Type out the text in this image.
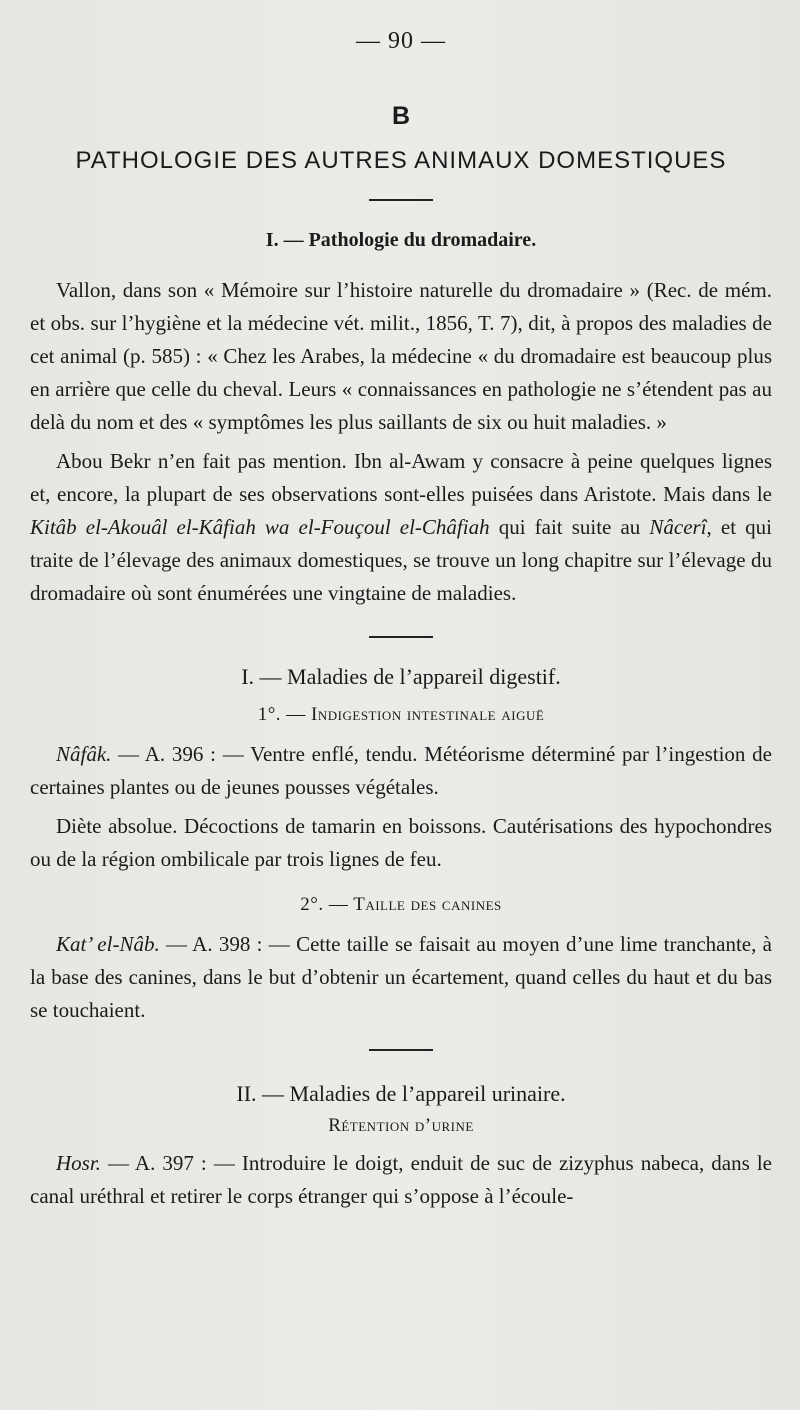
— 90 —
B
PATHOLOGIE DES AUTRES ANIMAUX DOMESTIQUES
I. — Pathologie du dromadaire.

Vallon, dans son « Mémoire sur l’histoire naturelle du dromadaire » (Rec. de mém. et obs. sur l’hygiène et la médecine vét. milit., 1856, T. 7), dit, à propos des maladies de cet animal (p. 585) : « Chez les Arabes, la médecine « du dromadaire est beaucoup plus en arrière que celle du cheval. Leurs « connaissances en pathologie ne s’étendent pas au delà du nom et des « symptômes les plus saillants de six ou huit maladies. »

Abou Bekr n’en fait pas mention. Ibn al-Awam y consacre à peine quelques lignes et, encore, la plupart de ses observations sont-elles puisées dans Aristote. Mais dans le Kitâb el-Akouâl el-Kâfiah wa el-Fouçoul el-Châfiah qui fait suite au Nâcerî, et qui traite de l’élevage des animaux domestiques, se trouve un long chapitre sur l’élevage du dromadaire où sont énumérées une vingtaine de maladies.

I. — Maladies de l’appareil digestif.
1°. — Indigestion intestinale aiguë

Nâfâk. — A. 396 : — Ventre enflé, tendu. Météorisme déterminé par l’ingestion de certaines plantes ou de jeunes pousses végétales.

Diète absolue. Décoctions de tamarin en boissons. Cautérisations des hypochondres ou de la région ombilicale par trois lignes de feu.

2°. — Taille des canines

Kat’ el-Nâb. — A. 398 : — Cette taille se faisait au moyen d’une lime tranchante, à la base des canines, dans le but d’obtenir un écartement, quand celles du haut et du bas se touchaient.

II. — Maladies de l’appareil urinaire.
Rétention d’urine

Hosr. — A. 397 : — Introduire le doigt, enduit de suc de zizyphus nabeca, dans le canal uréthral et retirer le corps étranger qui s’oppose à l’écoule-
